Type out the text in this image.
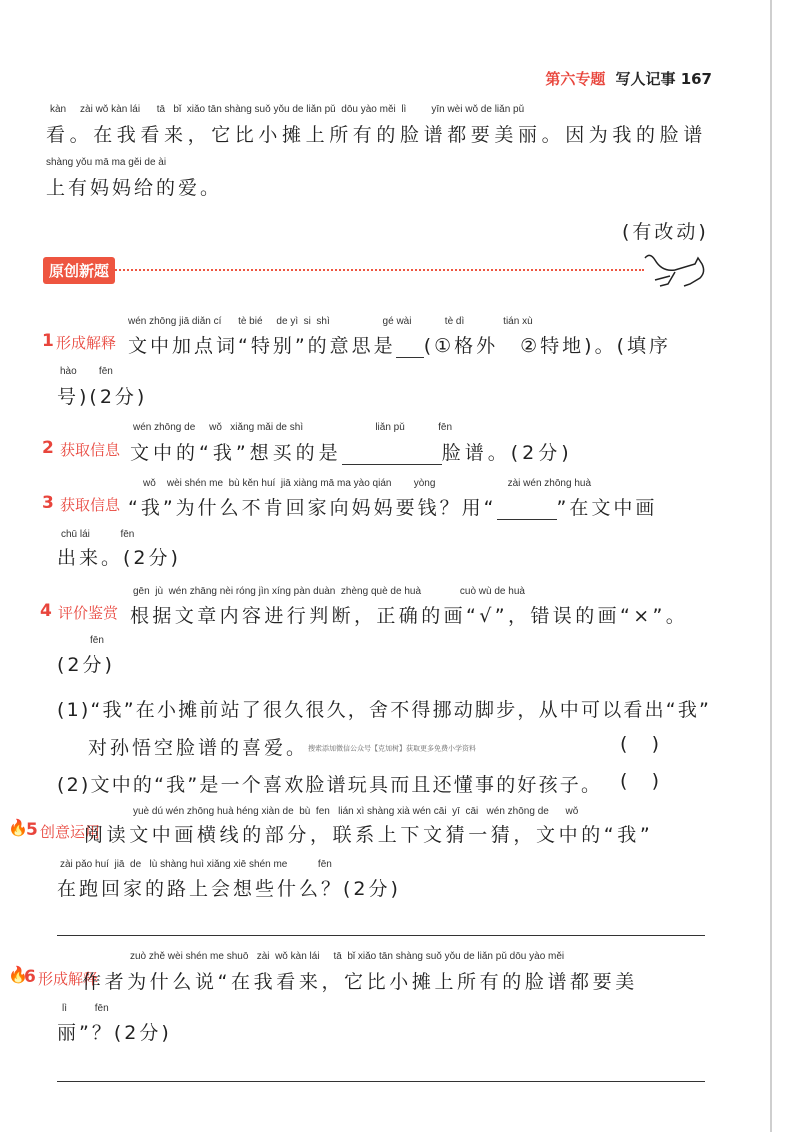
第六专题 写人记事 167
kàn     zài wǒ kàn lái      tā   bǐ  xiǎo tān shàng suǒ yǒu de liǎn pǔ  dōu yào měi  lì         yīn wèi wǒ de liǎn pǔ
看。在我看来，它比小摊上所有的脸谱都要美丽。因为我的脸谱
shàng yǒu mā ma gěi de ài
上有妈妈给的爱。
(有改动)
原创新题
wén zhōng jiā diǎn cí      tè bié     de yì  si  shì                   gé wài            tè dì              tián xù
1 形成解释 文中加点词“特别”的意思是 (①格外　②特地)。(填序
hào        fēn
号)(2分)
wén zhōng de     wǒ   xiǎng mǎi de shì                          liǎn pǔ            fēn
2 获取信息 文中的“我”想买的是	脸谱。(2分)
wǒ    wèi shén me  bù kěn huí  jiā xiàng mā ma yào qián        yòng                          zài wén zhōng huà
3 获取信息 “我”为什么不肯回家向妈妈要钱？用“	”在文中画
chū lái           fēn
出来。(2分)
gēn  jù  wén zhāng nèi róng jìn xíng pàn duàn  zhèng què de huà              cuò wù de huà
4 评价鉴赏 根据文章内容进行判断，正确的画“√”，错误的画“×”。
fēn
(2分)
(1)“我”在小摊前站了很久很久，舍不得挪动脚步，从中可以看出“我”
对孙悟空脸谱的喜爱。搜索添加微信公众号【克加树】获取更多免费小学资料	(    )
(2)文中的“我”是一个喜欢脸谱玩具而且还懂事的好孩子。 (    )
yuè dú wén zhōng huà héng xiàn de  bù  fen   lián xì shàng xià wén cāi  yī  cāi   wén zhōng de      wǒ
🔥
5 创意运用
阅读文中画横线的部分，联系上下文猜一猜，文中的“我”
zài pǎo huí  jiā  de   lù shàng huì xiǎng xiē shén me           fēn
在跑回家的路上会想些什么？(2分)
zuò zhě wèi shén me shuō   zài  wǒ kàn lái     tā  bǐ xiǎo tān shàng suǒ yǒu de liǎn pǔ dōu yào měi
🔥
6 形成解释
作者为什么说“在我看来，它比小摊上所有的脸谱都要美
lì          fēn
丽”？(2分)
